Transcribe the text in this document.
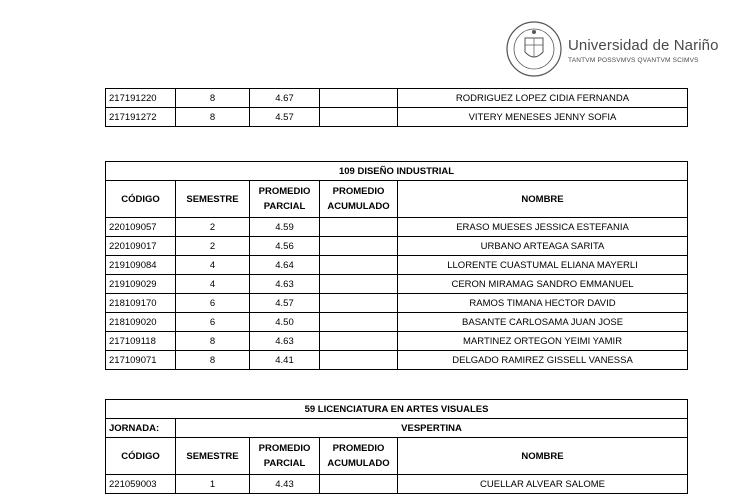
Universidad de Nariño
TANTVM POSSVMVS QVANTVM SCIMVS
217191220	8	4.67		RODRIGUEZ LOPEZ CIDIA FERNANDA
217191272	8	4.57		VITERY MENESES JENNY SOFIA
109 DISEÑO INDUSTRIAL				
CÓDIGO	SEMESTRE	PROMEDIO PARCIAL	PROMEDIO ACUMULADO	NOMBRE
220109057	2	4.59		ERASO MUESES JESSICA ESTEFANIA
220109017	2	4.56		URBANO ARTEAGA SARITA
219109084	4	4.64		LLORENTE CUASTUMAL ELIANA MAYERLI
219109029	4	4.63		CERON MIRAMAG SANDRO EMMANUEL
218109170	6	4.57		RAMOS TIMANA HECTOR DAVID
218109020	6	4.50		BASANTE CARLOSAMA JUAN JOSE
217109118	8	4.63		MARTINEZ ORTEGON YEIMI YAMIR
217109071	8	4.41		DELGADO RAMIREZ GISSELL VANESSA
59 LICENCIATURA EN ARTES VISUALES				
JORNADA:	VESPERTINA			
CÓDIGO	SEMESTRE	PROMEDIO PARCIAL	PROMEDIO ACUMULADO	NOMBRE
221059003	1	4.43		CUELLAR ALVEAR SALOME
